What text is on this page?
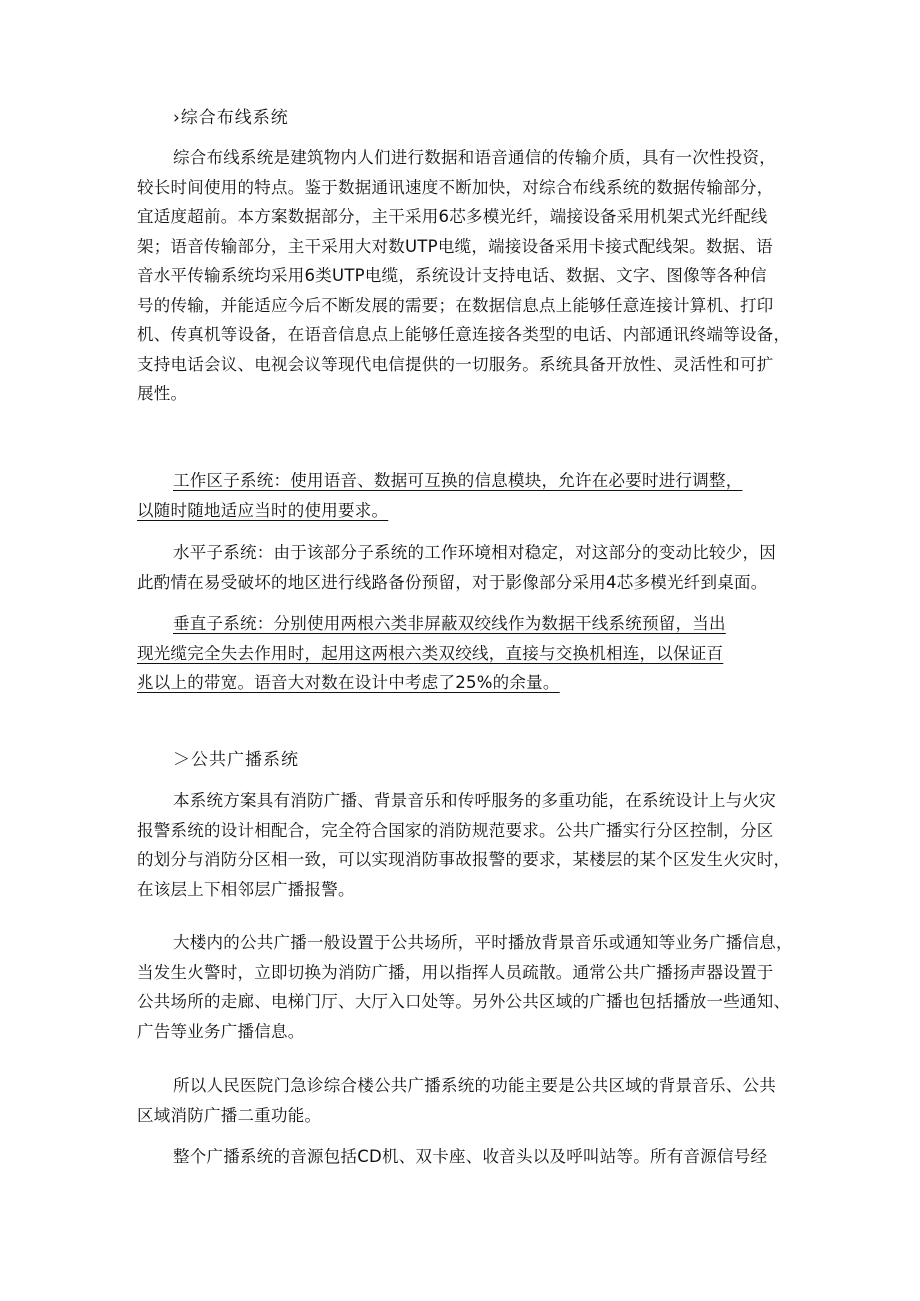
›综合布线系统
综合布线系统是建筑物内人们进行数据和语音通信的传输介质，具有一次性投资，
较长时间使用的特点。鉴于数据通讯速度不断加快，对综合布线系统的数据传输部分，
宜适度超前。本方案数据部分，主干采用6芯多模光纤，端接设备采用机架式光纤配线
架；语音传输部分，主干采用大对数UTP电缆，端接设备采用卡接式配线架。数据、语
音水平传输系统均采用6类UTP电缆，系统设计支持电话、数据、文字、图像等各种信
号的传输，并能适应今后不断发展的需要；在数据信息点上能够任意连接计算机、打印
机、传真机等设备，在语音信息点上能够任意连接各类型的电话、内部通讯终端等设备，
支持电话会议、电视会议等现代电信提供的一切服务。系统具备开放性、灵活性和可扩
展性。
工作区子系统：使用语音、数据可互换的信息模块，允许在必要时进行调整，
以随时随地适应当时的使用要求。
水平子系统：由于该部分子系统的工作环境相对稳定，对这部分的变动比较少，因
此酌情在易受破坏的地区进行线路备份预留，对于影像部分采用4芯多模光纤到桌面。
垂直子系统：分别使用两根六类非屏蔽双绞线作为数据干线系统预留，当出
现光缆完全失去作用时，起用这两根六类双绞线，直接与交换机相连，以保证百
兆以上的带宽。语音大对数在设计中考虑了25%的余量。
＞公共广播系统
本系统方案具有消防广播、背景音乐和传呼服务的多重功能，在系统设计上与火灾
报警系统的设计相配合，完全符合国家的消防规范要求。公共广播实行分区控制，分区
的划分与消防分区相一致，可以实现消防事故报警的要求，某楼层的某个区发生火灾时，
在该层上下相邻层广播报警。
大楼内的公共广播一般设置于公共场所，平时播放背景音乐或通知等业务广播信息，
当发生火警时，立即切换为消防广播，用以指挥人员疏散。通常公共广播扬声器设置于
公共场所的走廊、电梯门厅、大厅入口处等。另外公共区域的广播也包括播放一些通知、
广告等业务广播信息。
所以人民医院门急诊综合楼公共广播系统的功能主要是公共区域的背景音乐、公共
区域消防广播二重功能。
整个广播系统的音源包括CD机、双卡座、收音头以及呼叫站等。所有音源信号经
